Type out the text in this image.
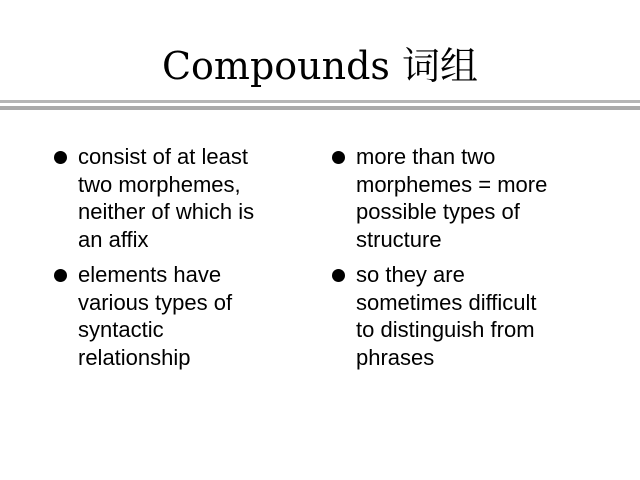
Compounds 词组
consist of at least
two morphemes,
neither of which is
an affix
elements have
various types of
syntactic
relationship
more than two
morphemes = more
possible types of
structure
so they are
sometimes difficult
to distinguish from
phrases
